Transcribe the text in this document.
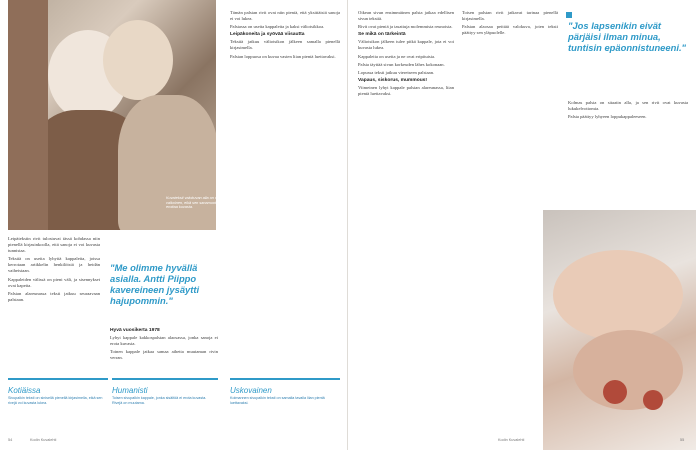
Kuvateksti valokuvan alla on ohut ja valkoinen, eikä sen sanamuotoa voi erottaa kuvasta.

Leipätekstin rivit tulostuvat tässä kohdassa niin pienellä kirjasinkoolla, että sanoja ei voi kuvasta tunnistaa.

Tekstiä on useita lyhyitä kappaleita, joissa kerrotaan artikkelin henkilöistä ja heidän vaiheistaan.

Kappaleiden välissä on pieni väli, ja sisennykset ovat kapeita.

Palstan alareunassa teksti jatkuu seuraavaan palstaan.

"Me olimme hyvällä asialla. Antti Piippo kavereineen jysäytti hajupommin."
Hyvä vuosikerta 1978

Lyhyt kappale kakkospalstan alaosassa, jonka sanoja ei erota kuvasta.

Toinen kappale jatkaa samaa aihetta muutaman rivin verran.

Tämän palstan rivit ovat niin pieniä, että yksittäisiä sanoja ei voi lukea.

Palstassa on useita kappaleita ja kaksi väliotsikkoa.

Leipäkoneita ja syövää viisautta

Tekstiä jatkuu väliotsikon jälkeen samalla pienellä kirjasimella.

Palstan loppuosa on kuvaa vasten liian pientä luettavaksi.

Kotiäissa
Sivupalkin teksti on sinisellä pienellä kirjasimella, eikä sen rivejä voi kuvasta lukea.
Humanisti
Toisen sivupalkin kappale, jonka sisältöä ei erota kuvasta. Rivejä on muutama.
Uskovainen
Kolmannen sivupalkin teksti on samalla tavalla liian pientä luettavaksi.
54	Kodin Kuvalehti

Oikean sivun ensimmäinen palsta jatkaa edellisen sivun tekstiä.

Rivit ovat pieniä ja tasattuja molemmista reunoista.

Se mikä on tärkeintä

Väliotsikon jälkeen tulee pitkä kappale, jota ei voi kuvasta lukea.

Kappaleita on useita ja ne ovat eripituisia.

Palsta täyttää sivun korkeuden lähes kokonaan.

Lopussa teksti jatkuu viereiseen palstaan.

Vapaus, siskorus, mummous!

Viimeinen lyhyt kappale palstan alareunassa, liian pientä luettavaksi.

Toisen palstan rivit jatkavat tarinaa pienellä kirjasimella.

Palstan alaosaa peittää valokuva, joten teksti päättyy sen yläpuolelle.

"Jos lapsenikin eivät pärjäisi ilman minua, tuntisin epäonnistuneeni."

Kolmas palsta on sitaatin alla, ja sen rivit ovat kuvasta lukukelvottomia.

Palsta päättyy lyhyeen loppukappaleeseen.

Kodin Kuvalehti	55
